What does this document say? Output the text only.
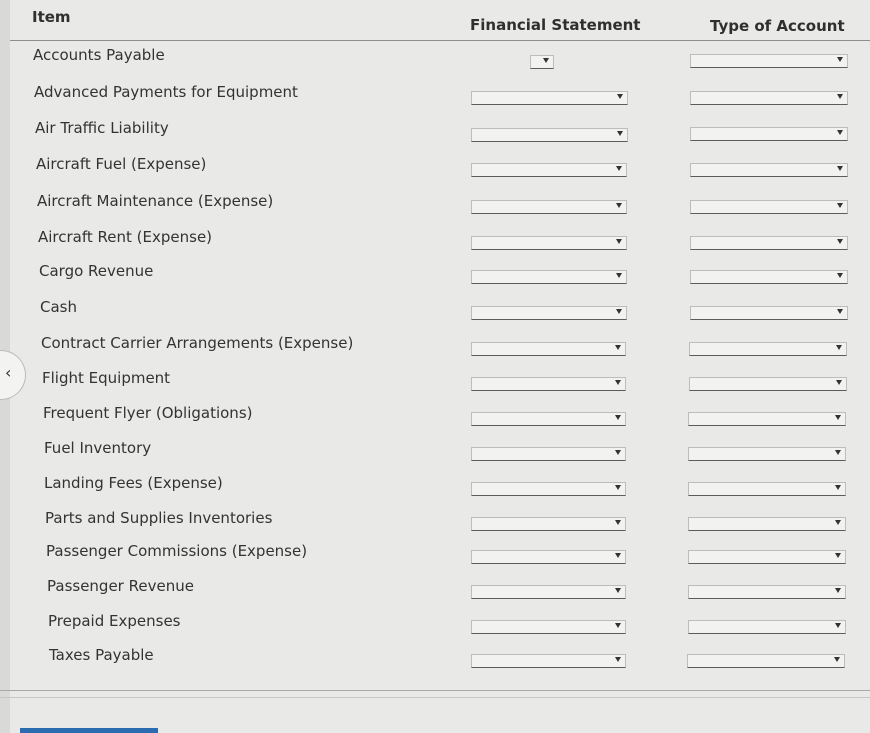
Item	Financial Statement	Type of Account
Accounts Payable
Advanced Payments for Equipment
Air Traffic Liability
Aircraft Fuel (Expense)
Aircraft Maintenance (Expense)
Aircraft Rent (Expense)
Cargo Revenue
Cash
Contract Carrier Arrangements (Expense)
Flight Equipment
Frequent Flyer (Obligations)
Fuel Inventory
Landing Fees (Expense)
Parts and Supplies Inventories
Passenger Commissions (Expense)
Passenger Revenue
Prepaid Expenses
Taxes Payable
‹
